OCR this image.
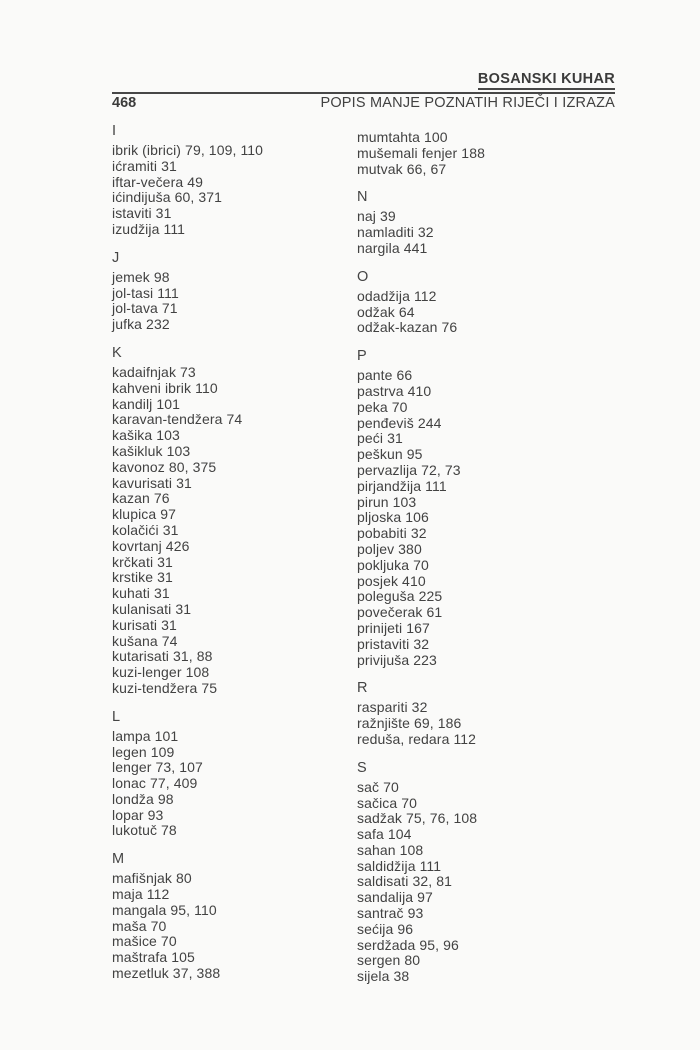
BOSANSKI KUHAR
468	POPIS MANJE POZNATIH RIJEČI I IZRAZA
I
ibrik (ibrici) 79, 109, 110
ićramiti 31
iftar-večera 49
ićindijuša 60, 371
istaviti 31
izudžija 111
J
jemek 98
jol-tasi 111
jol-tava 71
jufka 232
K
kadaifnjak 73
kahveni ibrik 110
kandilj 101
karavan-tendžera 74
kašika 103
kašikluk 103
kavonoz 80, 375
kavurisati 31
kazan 76
klupica 97
kolačići 31
kovrtanj 426
krčkati 31
krstike 31
kuhati 31
kulanisati 31
kurisati 31
kušana 74
kutarisati 31, 88
kuzi-lenger 108
kuzi-tendžera 75
L
lampa 101
legen 109
lenger 73, 107
lonac 77, 409
londža 98
lopar 93
lukotuč 78
M
mafišnjak 80
maja 112
mangala 95, 110
maša 70
mašice 70
maštrafa 105
mezetluk 37, 388
mumtahta 100
mušemali fenjer 188
mutvak 66, 67
N
naj 39
namladiti 32
nargila 441
O
odadžija 112
odžak 64
odžak-kazan 76
P
pante 66
pastrva 410
peka 70
penđeviš 244
peći 31
peškun 95
pervazlija 72, 73
pirjandžija 111
pirun 103
pljoska 106
pobabiti 32
poljev 380
pokljuka 70
posjek 410
poleguša 225
povečerak 61
prinijeti 167
pristaviti 32
privijuša 223
R
raspariti 32
ražnjište 69, 186
reduša, redara 112
S
sač 70
sačica 70
sadžak 75, 76, 108
safa 104
sahan 108
saldidžija 111
saldisati 32, 81
sandalija 97
santrač 93
sećija 96
serdžada 95, 96
sergen 80
sijela 38
